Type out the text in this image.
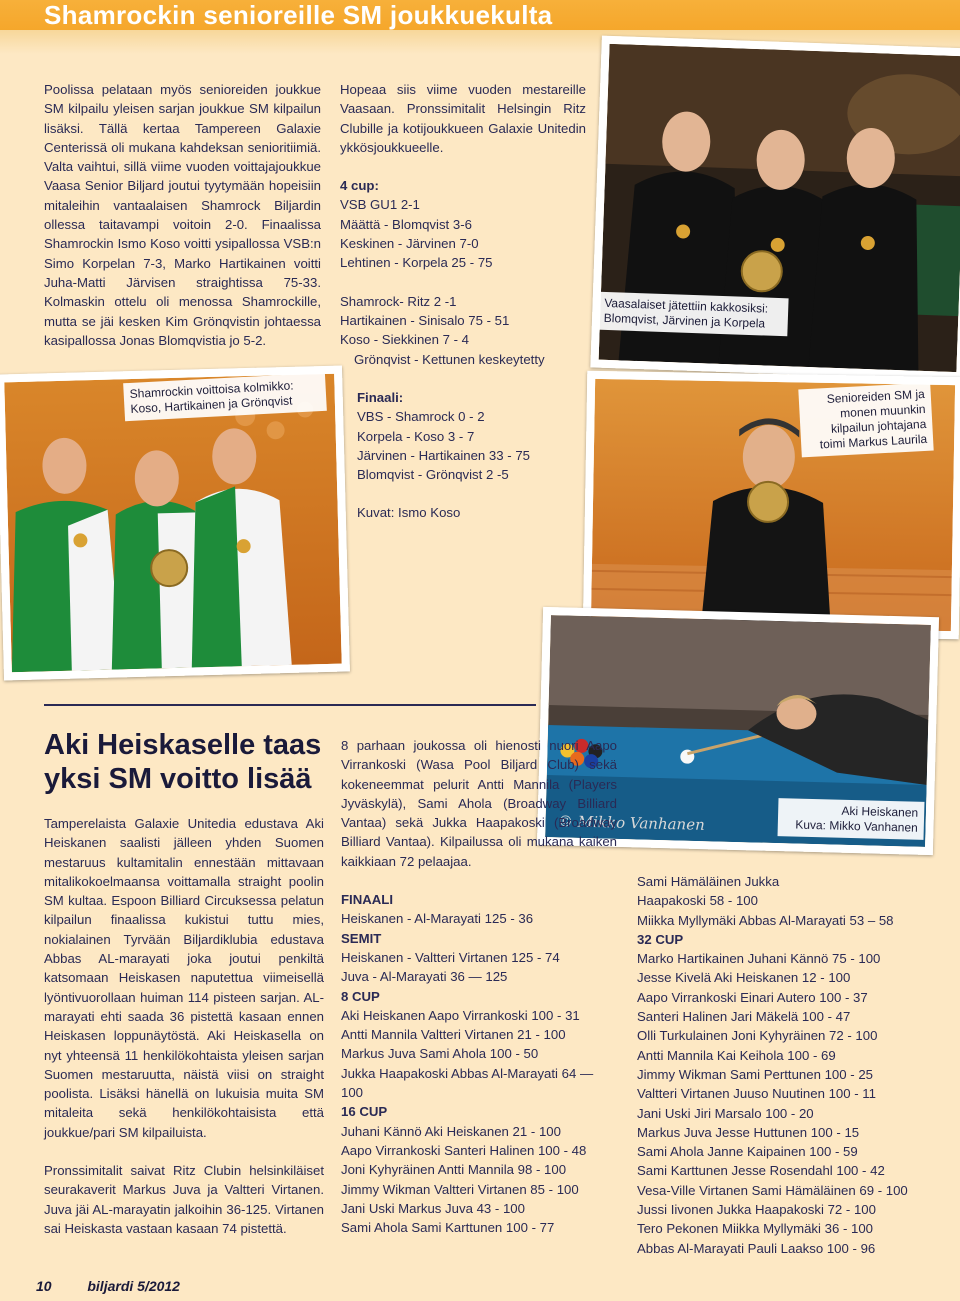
Shamrockin senioreille SM joukkuekulta

Poolissa pelataan myös senioreiden joukkue SM kilpailu yleisen sarjan joukkue SM kilpailun lisäksi. Tällä kertaa Tampereen Galaxie Centerissä oli mukana kahdeksan senioritiimiä. Valta vaihtui, sillä viime vuoden voittajajoukkue Vaasa Senior Biljard joutui tyytymään hopeisiin mitaleihin vantaalaisen Shamrock Biljardin ollessa taitavampi voitoin 2-0. Finaalissa Shamrockin Ismo Koso voitti ysipallossa VSB:n Simo Korpelan 7-3, Marko Hartikainen voitti Juha-Matti Järvisen straightissa 75-33. Kolmaskin ottelu oli menossa Shamrockille, mutta se jäi kesken Kim Grönqvistin johtaessa kasipallossa Jonas Blomqvistia jo 5-2.

Hopeaa siis viime vuoden mestareille Vaasaan. Pronssimitalit Helsingin Ritz Clubille ja kotijoukkueen Galaxie Unitedin ykkösjoukkueelle.

4 cup:

VSB GU1 2-1

Määttä - Blomqvist 3-6

Keskinen - Järvinen 7-0

Lehtinen - Korpela 25 - 75

Shamrock- Ritz 2 -1

Hartikainen - Sinisalo 75 - 51

Koso - Siekkinen 7 - 4

Grönqvist - Kettunen keskeytetty

Finaali:

VBS - Shamrock 0 - 2

Korpela - Koso 3 - 7

Järvinen - Hartikainen 33 - 75

Blomqvist - Grönqvist 2 -5

Kuvat: Ismo Koso

Vaasalaiset jätettiin kakkosiksi: Blomqvist, Järvinen ja Korpela
Shamrockin voittoisa kolmikko: Koso, Hartikainen ja Grönqvist	Senioreiden SM ja monen muunkin kilpailun johtajana toimi Markus Laurila
© Mikko Vanhanen
Aki Heiskanen
Kuva: Mikko Vanhanen
Aki Heiskaselle taas
yksi SM voitto lisää

Tamperelaista Galaxie Unitedia edustava Aki Heiskanen saalisti jälleen yhden Suomen mestaruus kultamitalin ennestään mittavaan mitalikokoelmaansa voittamalla straight poolin SM kultaa. Espoon Billiard Circuksessa pelatun kilpailun finaalissa kukistui tuttu mies, nokialainen Tyrvään Biljardiklubia edustava Abbas AL-marayati joka joutui penkiltä katsomaan Heiskasen naputettua viimeisellä lyöntivuorollaan huiman 114 pisteen sarjan. AL-marayati ehti saada 36 pistettä kasaan ennen Heiskasen loppunäytöstä. Aki Heiskasella on nyt yhteensä 11 henkilökohtaista yleisen sarjan Suomen mestaruutta, näistä viisi on straight poolista. Lisäksi hänellä on lukuisia muita SM mitaleita sekä henkilökohtaisista että joukkue/pari SM kilpailuista.

Pronssimitalit saivat Ritz Clubin helsinkiläiset seurakaverit Markus Juva ja Valtteri Virtanen. Juva jäi AL-marayatin jalkoihin 36-125. Virtanen sai Heiskasta vastaan kasaan 74 pistettä.

8 parhaan joukossa oli hienosti nuori Aapo Virrankoski (Wasa Pool Biljard Club) sekä kokeneemmat pelurit Antti Mannila (Players Jyväskylä), Sami Ahola (Broadway Billiard Vantaa) sekä Jukka Haapakoski (Broadway Billiard Vantaa). Kilpailussa oli mukana kaiken kaikkiaan 72 pelaajaa.

FINAALI

Heiskanen - Al-Marayati 125 - 36

SEMIT

Heiskanen - Valtteri Virtanen 125 - 74

Juva - Al-Marayati 36 — 125

8 CUP

Aki Heiskanen Aapo Virrankoski 100 - 31

Antti Mannila Valtteri Virtanen 21 - 100

Markus Juva Sami Ahola 100 - 50

Jukka Haapakoski Abbas Al-Marayati 64 — 100

16 CUP

Juhani Kännö Aki Heiskanen 21 - 100

Aapo Virrankoski Santeri Halinen 100 - 48

Joni Kyhyräinen Antti Mannila 98 - 100

Jimmy Wikman Valtteri Virtanen 85 - 100

Jani Uski Markus Juva 43 - 100

Sami Ahola Sami Karttunen 100 - 77

Sami Hämäläinen Jukka

Haapakoski 58 - 100

Miikka Myllymäki Abbas Al-Marayati 53 – 58

32 CUP

Marko Hartikainen Juhani Kännö 75 - 100

Jesse Kivelä Aki Heiskanen 12 - 100

Aapo Virrankoski Einari Autero 100 - 37

Santeri Halinen Jari Mäkelä 100 - 47

Olli Turkulainen Joni Kyhyräinen 72 - 100

Antti Mannila Kai Keihola 100 - 69

Jimmy Wikman Sami Perttunen 100 - 25

Valtteri Virtanen Juuso Nuutinen 100 - 11

Jani Uski Jiri Marsalo 100 - 20

Markus Juva Jesse Huttunen 100 - 15

Sami Ahola Janne Kaipainen 100 - 59

Sami Karttunen Jesse Rosendahl 100 - 42

Vesa-Ville Virtanen Sami Hämäläinen 69 - 100

Jussi Iivonen Jukka Haapakoski 72 - 100

Tero Pekonen Miikka Myllymäki 36 - 100

Abbas Al-Marayati Pauli Laakso 100 - 96

10	biljardi 5/2012
